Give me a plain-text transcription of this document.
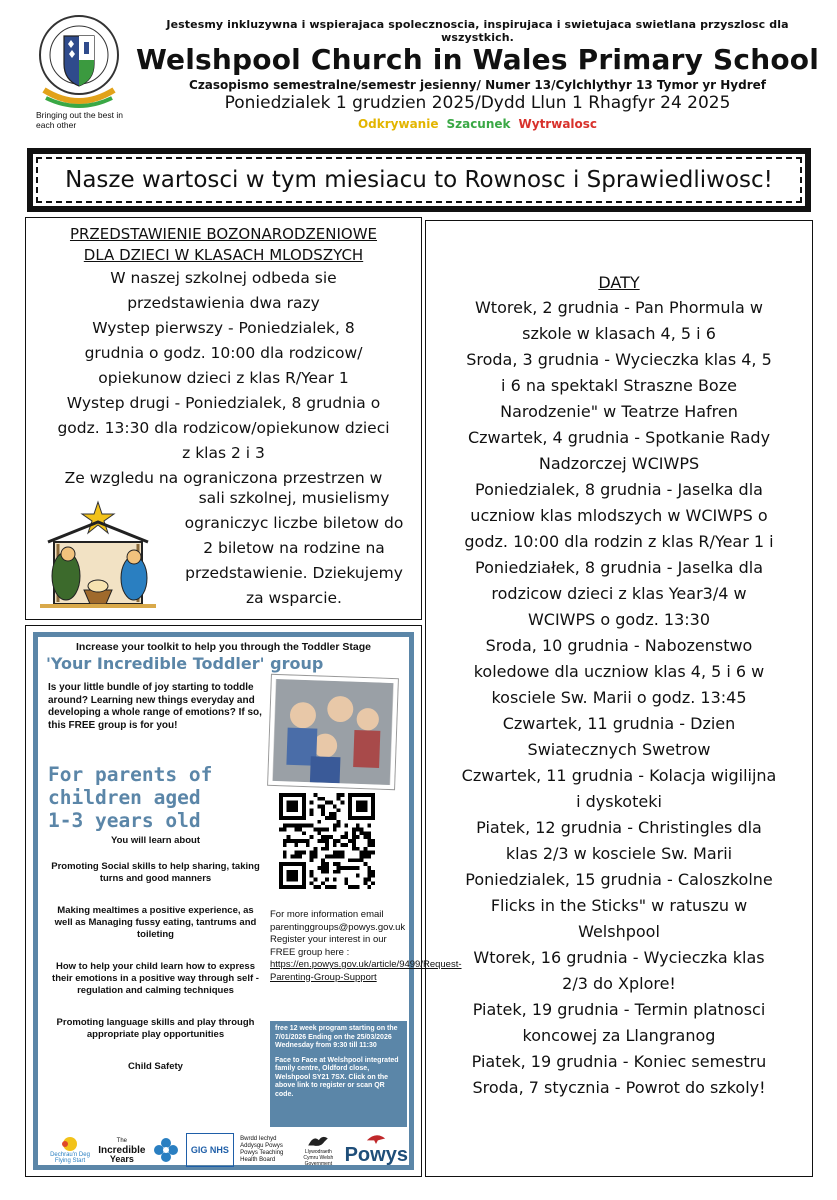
Bringing out the best in each other
Jestesmy inkluzywna i wspierajaca spolecznoscia, inspirujaca i swietujaca swietlana przyszlosc dla wszystkich.
Welshpool Church in Wales Primary School
Czasopismo semestralne/semestr jesienny/ Numer 13/Cylchlythyr 13 Tymor yr Hydref
Poniedzialek 1 grudzien 2025/Dydd Llun 1 Rhagfyr 24 2025
Odkrywanie Szacunek Wytrwalosc
Nasze wartosci w tym miesiacu to Rownosc i Sprawiedliwosc!
PRZEDSTAWIENIE BOZONARODZENIOWE
DLA DZIECI W KLASACH MLODSZYCH
W naszej szkolnej odbeda sie
przedstawienia dwa razy
Wystep pierwszy - Poniedzialek, 8
grudnia o godz. 10:00 dla rodzicow/
opiekunow dzieci z klas R/Year 1
Wystep drugi - Poniedzialek, 8 grudnia o
godz. 13:30 dla rodzicow/opiekunow dzieci
z klas 2 i 3
Ze wzgledu na ograniczona przestrzen w
sali szkolnej, musielismy
ograniczyc liczbe biletow do
2 biletow na rodzine na
przedstawienie. Dziekujemy
za wsparcie.
DATY
Wtorek, 2 grudnia - Pan Phormula w
szkole w klasach 4, 5 i 6
Sroda, 3 grudnia - Wycieczka klas 4, 5
i 6 na spektakl Straszne Boze
Narodzenie" w Teatrze Hafren
Czwartek, 4 grudnia - Spotkanie Rady
Nadzorczej WCIWPS
Poniedzialek, 8 grudnia - Jaselka dla
uczniow klas mlodszych w WCIWPS o
godz. 10:00 dla rodzin z klas R/Year 1 i
Poniedziałek, 8 grudnia - Jaselka dla
rodzicow dzieci z klas Year3/4 w
WCIWPS o godz. 13:30
Sroda, 10 grudnia - Nabozenstwo
koledowe dla uczniow klas 4, 5 i 6 w
kosciele Sw. Marii o godz. 13:45
Czwartek, 11 grudnia - Dzien
Swiatecznych Swetrow
Czwartek, 11 grudnia - Kolacja wigilijna
i dyskoteki
Piatek, 12 grudnia - Christingles dla
klas 2/3 w kosciele Sw. Marii
Poniedzialek, 15 grudnia - Caloszkolne
Flicks in the Sticks" w ratuszu w
Welshpool
Wtorek, 16 grudnia - Wycieczka klas
2/3 do Xplore!
Piatek, 19 grudnia - Termin platnosci
koncowej za Llangranog
Piatek, 19 grudnia - Koniec semestru
Sroda, 7 stycznia - Powrot do szkoly!
Increase your toolkit to help you through the Toddler Stage
'Your Incredible Toddler' group
Is your little bundle of joy starting to toddle around? Learning new things everyday and developing a whole range of emotions? If so, this FREE group is for you!
For parents of
children aged
1-3 years old
You will learn about
Promoting Social skills to help sharing, taking turns and good manners
Making mealtimes a positive experience, as well as Managing fussy eating, tantrums and toileting
How to help your child learn how to express their emotions in a positive way through self -regulation and calming techniques
Promoting language skills and play through appropriate play opportunities
Child Safety
For more information email parentinggroups@powys.gov.uk Register your interest in our FREE group here :
https://en.powys.gov.uk/article/9499/Request-Parenting-Group-Support
free 12 week program starting on the 7/01/2026 Ending on the 25/03/2026 Wednesday from 9:30 till 11:30
Face to Face at Welshpool integrated family centre, Oldford close, Welshpool SY21 7SX. Click on the above link to register or scan QR code.
Dechrau'n Deg Flying Start
The
Incredible
Years
GIG NHS
Bwrdd Iechyd Addysgu Powys Powys Teaching Health Board
Llywodraeth Cymru Welsh Government Powys
